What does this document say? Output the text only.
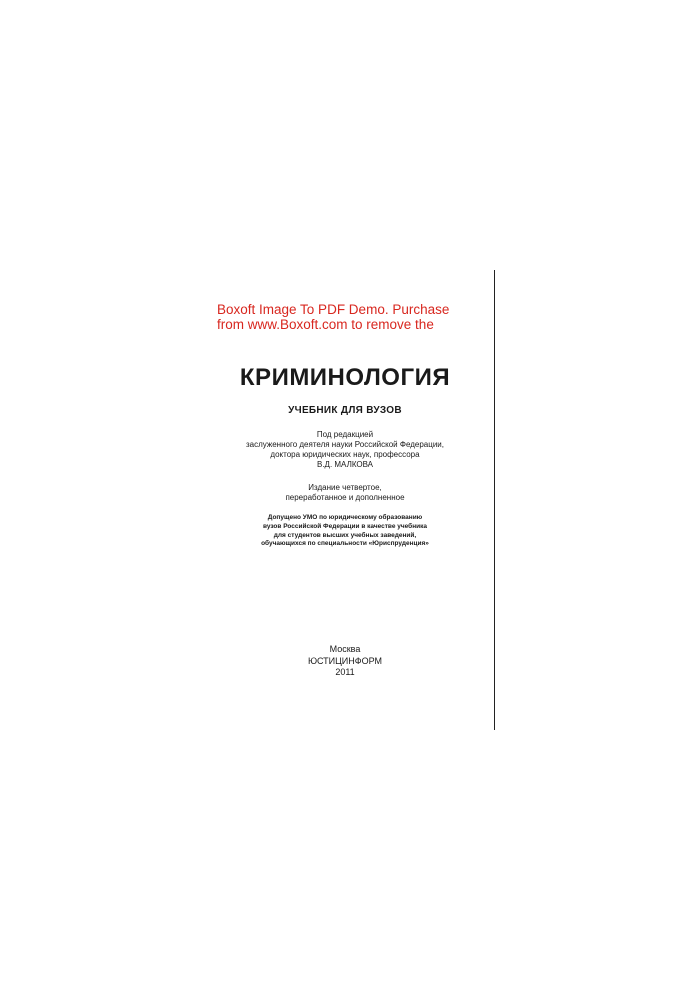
Boxoft Image To PDF Demo. Purchase
from www.Boxoft.com to remove the
КРИМИНОЛОГИЯ
УЧЕБНИК ДЛЯ ВУЗОВ
Под редакцией
заслуженного деятеля науки Российской Федерации,
доктора юридических наук, профессора
В.Д. МАЛКОВА
Издание четвертое,
переработанное и дополненное
Допущено УМО по юридическому образованию
вузов Российской Федерации в качестве учебника
для студентов высших учебных заведений,
обучающихся по специальности «Юриспруденция»
Москва
ЮСТИЦИНФОРМ
2011
